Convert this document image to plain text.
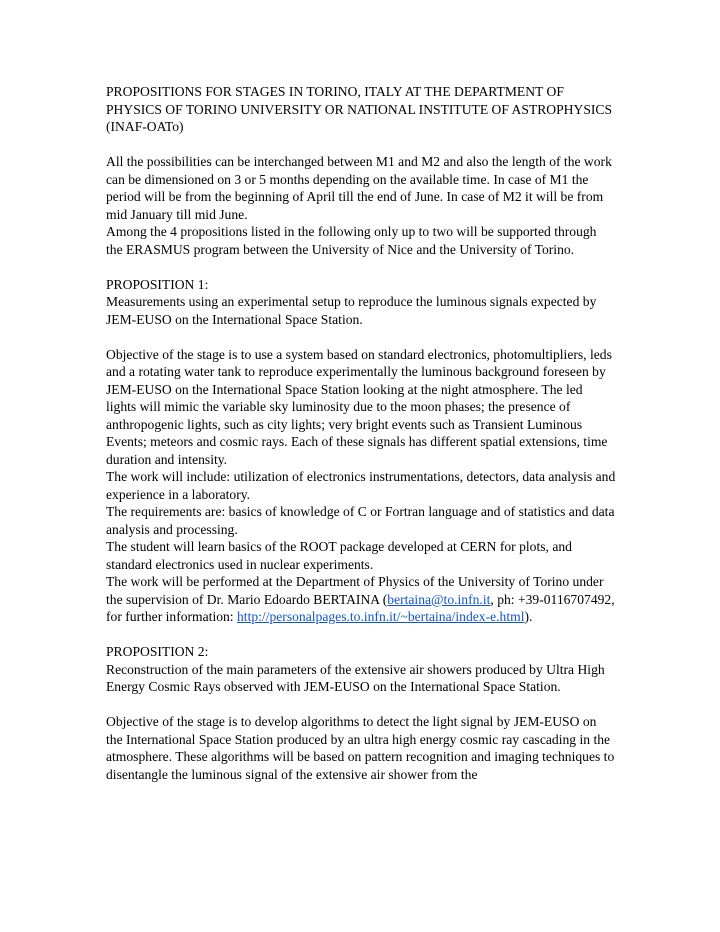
PROPOSITIONS FOR STAGES IN TORINO, ITALY AT THE DEPARTMENT OF PHYSICS OF TORINO UNIVERSITY OR NATIONAL INSTITUTE OF ASTROPHYSICS (INAF-OATo)

All the possibilities can be interchanged between M1 and M2 and also the length of the work can be dimensioned on 3 or 5 months depending on the available time. In case of M1 the period will be from the beginning of April till the end of June. In case of M2 it will be from mid January till mid June.

Among the 4 propositions listed in the following only up to two will be supported through the ERASMUS program between the University of Nice and the University of Torino.

PROPOSITION 1:

Measurements using an experimental setup to reproduce the luminous signals expected by JEM-EUSO on the International Space Station.

Objective of the stage is to use a system based on standard electronics, photomultipliers, leds and a rotating water tank to reproduce experimentally the luminous background foreseen by JEM-EUSO on the International Space Station looking at the night atmosphere. The led lights will mimic the variable sky luminosity due to the moon phases; the presence of anthropogenic lights, such as city lights; very bright events such as Transient Luminous Events; meteors and cosmic rays. Each of these signals has different spatial extensions, time duration and intensity.

The work will include: utilization of electronics instrumentations, detectors, data analysis and experience in a laboratory.

The requirements are: basics of knowledge of C or Fortran language and of statistics and data analysis and processing.

The student will learn basics of the ROOT package developed at CERN for plots, and standard electronics used in nuclear experiments.

The work will be performed at the Department of Physics of the University of Torino under the supervision of Dr. Mario Edoardo BERTAINA (bertaina@to.infn.it, ph: +39-0116707492, for further information: http://personalpages.to.infn.it/~bertaina/index-e.html).

PROPOSITION 2:

Reconstruction of the main parameters of the extensive air showers produced by Ultra High Energy Cosmic Rays observed with JEM-EUSO on the International Space Station.

Objective of the stage is to develop algorithms to detect the light signal by JEM-EUSO on the International Space Station produced by an ultra high energy cosmic ray cascading in the atmosphere. These algorithms will be based on pattern recognition and imaging techniques to disentangle the luminous signal of the extensive air shower from the
